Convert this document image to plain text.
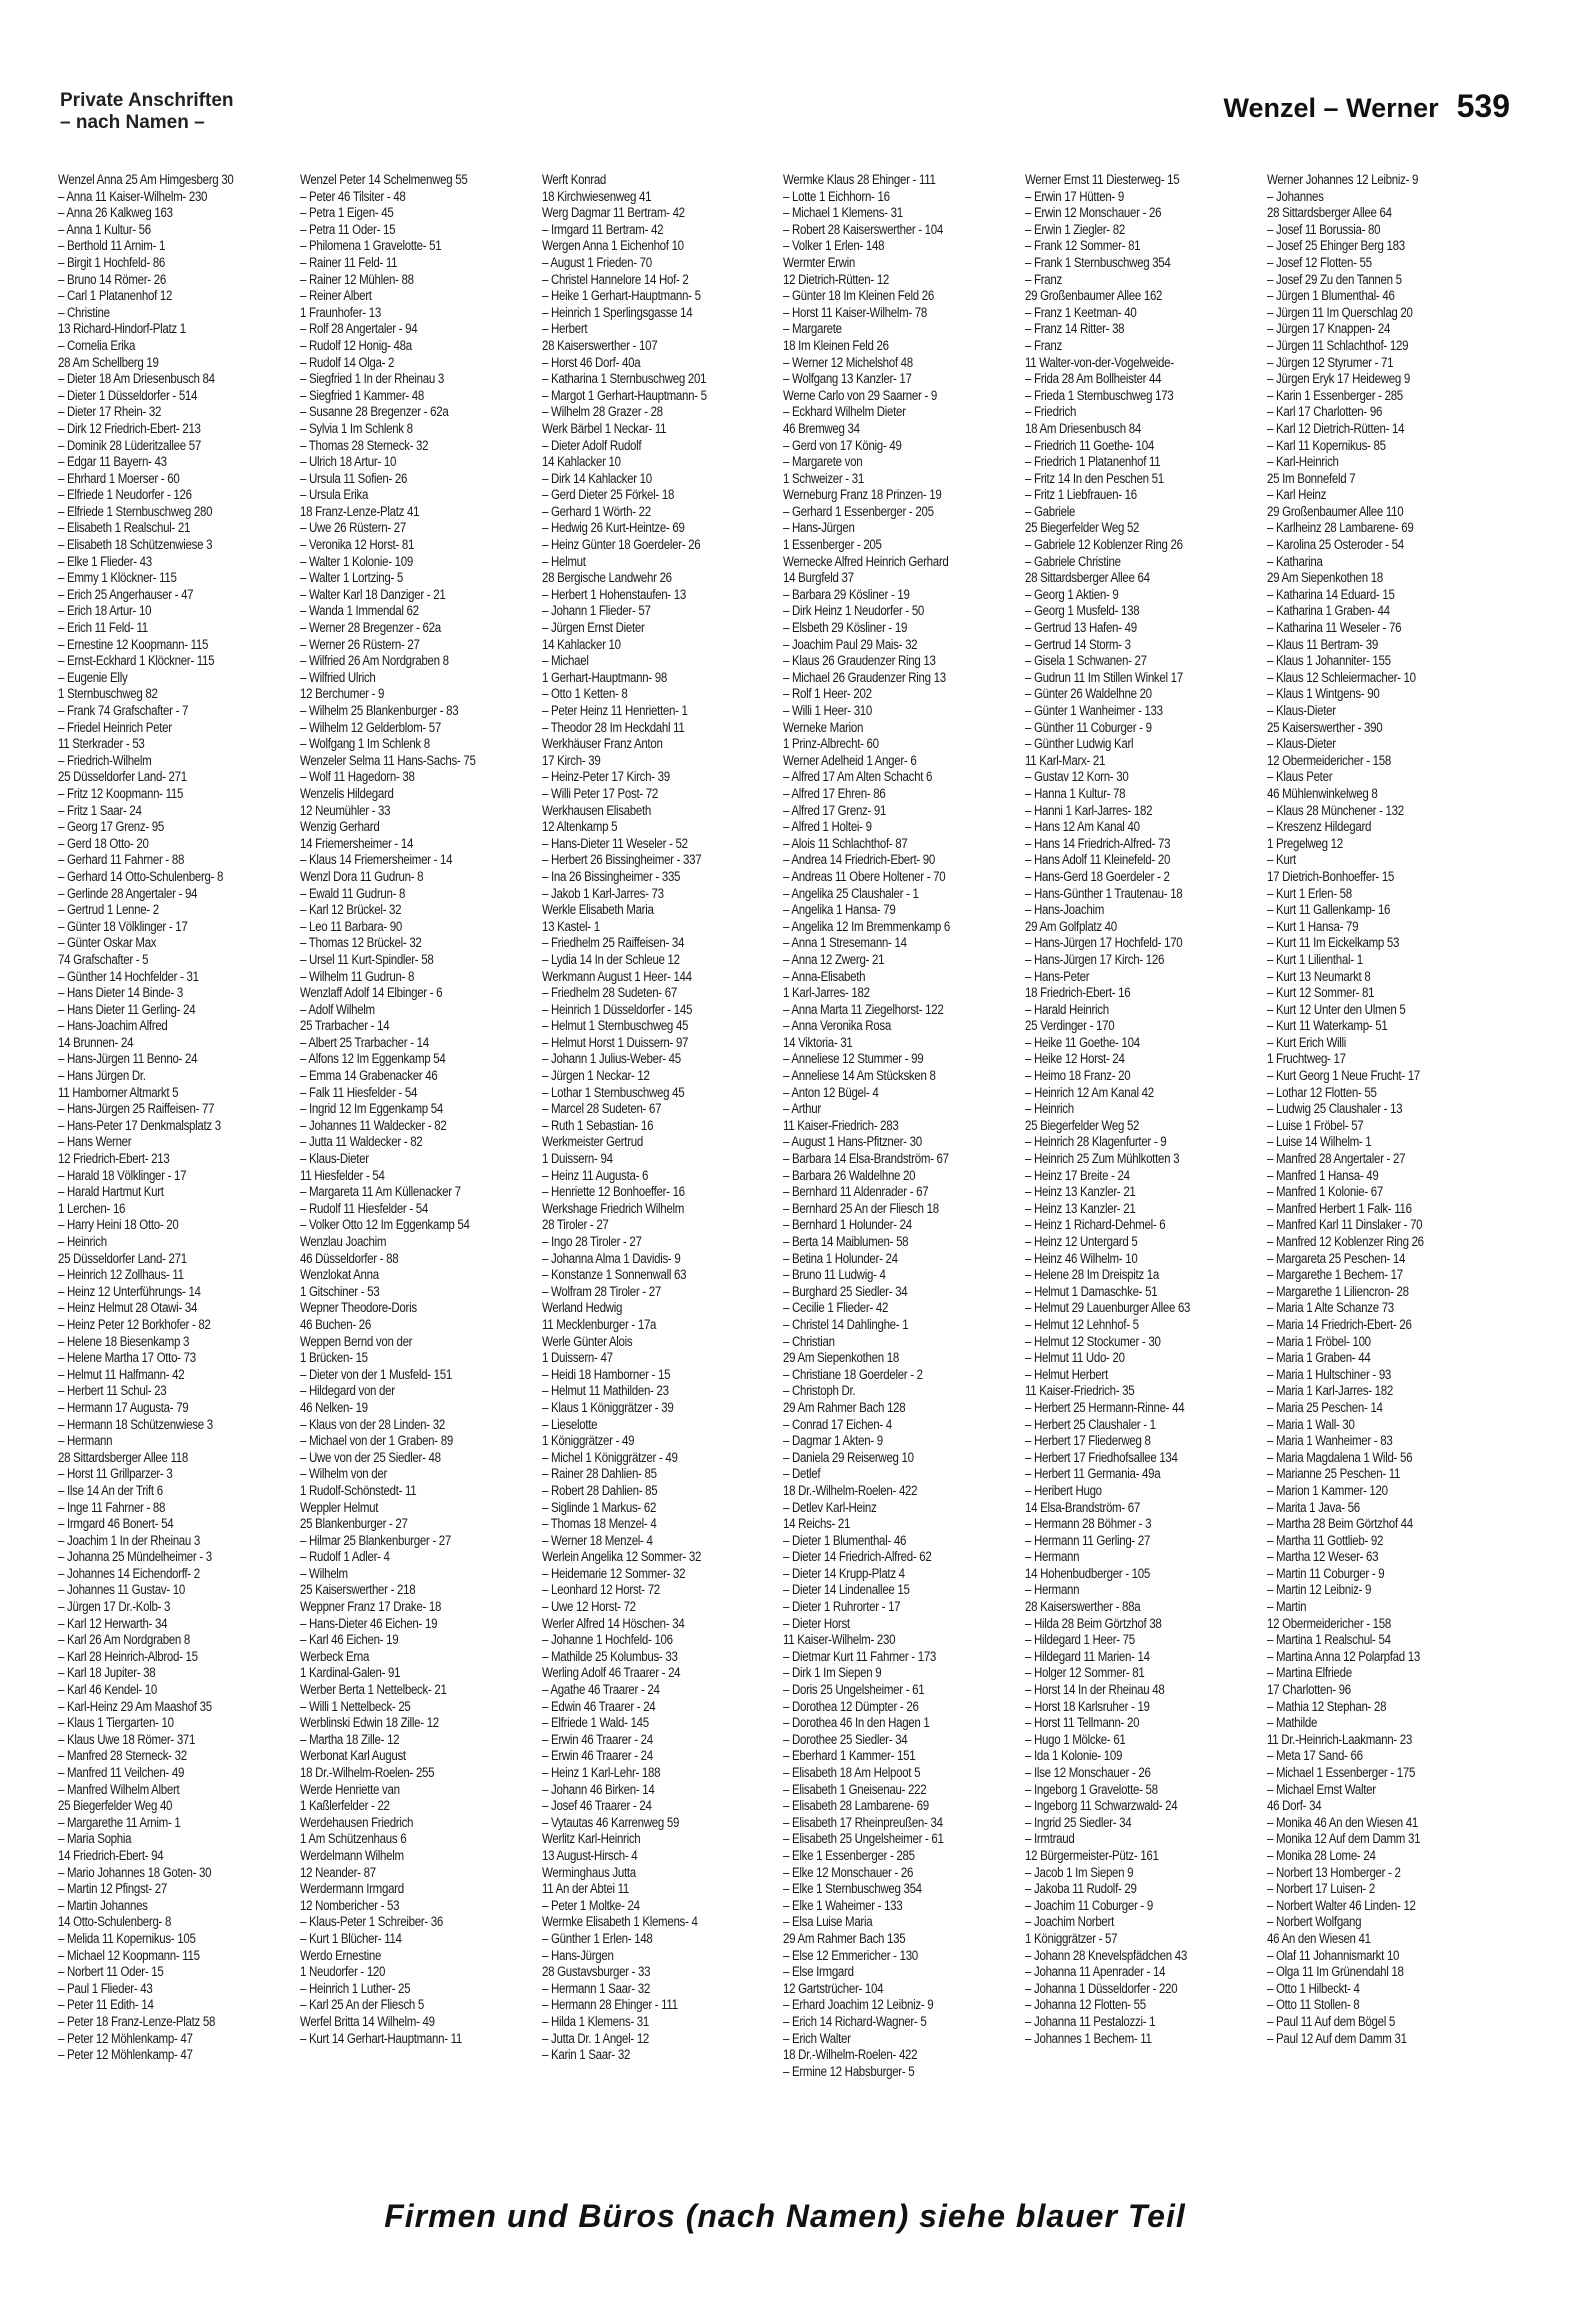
Private Anschriften
– nach Namen –	Wenzel – Werner 539
Wenzel Anna 25 Am Himgesberg 30
– Anna 11 Kaiser-Wilhelm- 230
– Anna 26 Kalkweg 163
– Anna 1 Kultur- 56
– Berthold 11 Arnim- 1
– Birgit 1 Hochfeld- 86
– Bruno 14 Römer- 26
– Carl 1 Platanenhof 12
– Christine
13 Richard-Hindorf-Platz 1
– Cornelia Erika
28 Am Schellberg 19
– Dieter 18 Am Driesenbusch 84
– Dieter 1 Düsseldorfer - 514
– Dieter 17 Rhein- 32
– Dirk 12 Friedrich-Ebert- 213
– Dominik 28 Lüderitzallee 57
– Edgar 11 Bayern- 43
– Ehrhard 1 Moerser - 60
– Elfriede 1 Neudorfer - 126
– Elfriede 1 Sternbuschweg 280
– Elisabeth 1 Realschul- 21
– Elisabeth 18 Schützenwiese 3
– Elke 1 Flieder- 43
– Emmy 1 Klöckner- 115
– Erich 25 Angerhauser - 47
– Erich 18 Artur- 10
– Erich 11 Feld- 11
– Ernestine 12 Koopmann- 115
– Ernst-Eckhard 1 Klöckner- 115
– Eugenie Elly
1 Sternbuschweg 82
– Frank 74 Grafschafter - 7
– Friedel Heinrich Peter
11 Sterkrader - 53
– Friedrich-Wilhelm
25 Düsseldorfer Land- 271
– Fritz 12 Koopmann- 115
– Fritz 1 Saar- 24
– Georg 17 Grenz- 95
– Gerd 18 Otto- 20
– Gerhard 11 Fahrner - 88
– Gerhard 14 Otto-Schulenberg- 8
– Gerlinde 28 Angertaler - 94
– Gertrud 1 Lenne- 2
– Günter 18 Völklinger - 17
– Günter Oskar Max
74 Grafschafter - 5
– Günther 14 Hochfelder - 31
– Hans Dieter 14 Binde- 3
– Hans Dieter 11 Gerling- 24
– Hans-Joachim Alfred
14 Brunnen- 24
– Hans-Jürgen 11 Benno- 24
– Hans Jürgen Dr.
11 Hamborner Altmarkt 5
– Hans-Jürgen 25 Raiffeisen- 77
– Hans-Peter 17 Denkmalsplatz 3
– Hans Werner
12 Friedrich-Ebert- 213
– Harald 18 Völklinger - 17
– Harald Hartmut Kurt
1 Lerchen- 16
– Harry Heini 18 Otto- 20
– Heinrich
25 Düsseldorfer Land- 271
– Heinrich 12 Zollhaus- 11
– Heinz 12 Unterführungs- 14
– Heinz Helmut 28 Otawi- 34
– Heinz Peter 12 Borkhofer - 82
– Helene 18 Biesenkamp 3
– Helene Martha 17 Otto- 73
– Helmut 11 Halfmann- 42
– Herbert 11 Schul- 23
– Hermann 17 Augusta- 79
– Hermann 18 Schützenwiese 3
– Hermann
28 Sittardsberger Allee 118
– Horst 11 Grillparzer- 3
– Ilse 14 An der Trift 6
– Inge 11 Fahrner - 88
– Irmgard 46 Bonert- 54
– Joachim 1 In der Rheinau 3
– Johanna 25 Mündelheimer - 3
– Johannes 14 Eichendorff- 2
– Johannes 11 Gustav- 10
– Jürgen 17 Dr.-Kolb- 3
– Karl 12 Herwarth- 34
– Karl 26 Am Nordgraben 8
– Karl 28 Heinrich-Albrod- 15
– Karl 18 Jupiter- 38
– Karl 46 Kendel- 10
– Karl-Heinz 29 Am Maashof 35
– Klaus 1 Tiergarten- 10
– Klaus Uwe 18 Römer- 371
– Manfred 28 Sterneck- 32
– Manfred 11 Veilchen- 49
– Manfred Wilhelm Albert
25 Biegerfelder Weg 40
– Margarethe 11 Arnim- 1
– Maria Sophia
14 Friedrich-Ebert- 94
– Mario Johannes 18 Goten- 30
– Martin 12 Pfingst- 27
– Martin Johannes
14 Otto-Schulenberg- 8
– Melida 11 Kopernikus- 105
– Michael 12 Koopmann- 115
– Norbert 11 Oder- 15
– Paul 1 Flieder- 43
– Peter 11 Edith- 14
– Peter 18 Franz-Lenze-Platz 58
– Peter 12 Möhlenkamp- 47
– Peter 12 Möhlenkamp- 47
Wenzel Peter 14 Schelmenweg 55
– Peter 46 Tilsiter - 48
– Petra 1 Eigen- 45
– Petra 11 Oder- 15
– Philomena 1 Gravelotte- 51
– Rainer 11 Feld- 11
– Rainer 12 Mühlen- 88
– Reiner Albert
1 Fraunhofer- 13
– Rolf 28 Angertaler - 94
– Rudolf 12 Honig- 48a
– Rudolf 14 Olga- 2
– Siegfried 1 In der Rheinau 3
– Siegfried 1 Kammer- 48
– Susanne 28 Bregenzer - 62a
– Sylvia 1 Im Schlenk 8
– Thomas 28 Sterneck- 32
– Ulrich 18 Artur- 10
– Ursula 11 Sofien- 26
– Ursula Erika
18 Franz-Lenze-Platz 41
– Uwe 26 Rüstern- 27
– Veronika 12 Horst- 81
– Walter 1 Kolonie- 109
– Walter 1 Lortzing- 5
– Walter Karl 18 Danziger - 21
– Wanda 1 Immendal 62
– Werner 28 Bregenzer - 62a
– Werner 26 Rüstern- 27
– Wilfried 26 Am Nordgraben 8
– Wilfried Ulrich
12 Berchumer - 9
– Wilhelm 25 Blankenburger - 83
– Wilhelm 12 Gelderblom- 57
– Wolfgang 1 Im Schlenk 8
Wenzeler Selma 11 Hans-Sachs- 75
– Wolf 11 Hagedorn- 38
Wenzelis Hildegard
12 Neumühler - 33
Wenzig Gerhard
14 Friemersheimer - 14
– Klaus 14 Friemersheimer - 14
Wenzl Dora 11 Gudrun- 8
– Ewald 11 Gudrun- 8
– Karl 12 Brückel- 32
– Leo 11 Barbara- 90
– Thomas 12 Brückel- 32
– Ursel 11 Kurt-Spindler- 58
– Wilhelm 11 Gudrun- 8
Wenzlaff Adolf 14 Elbinger - 6
– Adolf Wilhelm
25 Trarbacher - 14
– Albert 25 Trarbacher - 14
– Alfons 12 Im Eggenkamp 54
– Emma 14 Grabenacker 46
– Falk 11 Hiesfelder - 54
– Ingrid 12 Im Eggenkamp 54
– Johannes 11 Waldecker - 82
– Jutta 11 Waldecker - 82
– Klaus-Dieter
11 Hiesfelder - 54
– Margareta 11 Am Küllenacker 7
– Rudolf 11 Hiesfelder - 54
– Volker Otto 12 Im Eggenkamp 54
Wenzlau Joachim
46 Düsseldorfer - 88
Wenzlokat Anna
1 Gitschiner - 53
Wepner Theodore-Doris
46 Buchen- 26
Weppen Bernd von der
1 Brücken- 15
– Dieter von der 1 Musfeld- 151
– Hildegard von der
46 Nelken- 19
– Klaus von der 28 Linden- 32
– Michael von der 1 Graben- 89
– Uwe von der 25 Siedler- 48
– Wilhelm von der
1 Rudolf-Schönstedt- 11
Weppler Helmut
25 Blankenburger - 27
– Hilmar 25 Blankenburger - 27
– Rudolf 1 Adler- 4
– Wilhelm
25 Kaiserswerther - 218
Weppner Franz 17 Drake- 18
– Hans-Dieter 46 Eichen- 19
– Karl 46 Eichen- 19
Werbeck Erna
1 Kardinal-Galen- 91
Werber Berta 1 Nettelbeck- 21
– Willi 1 Nettelbeck- 25
Werblinski Edwin 18 Zille- 12
– Martha 18 Zille- 12
Werbonat Karl August
18 Dr.-Wilhelm-Roelen- 255
Werde Henriette van
1 Kaßlerfelder - 22
Werdehausen Friedrich
1 Am Schützenhaus 6
Werdelmann Wilhelm
12 Neander- 87
Werdermann Irmgard
12 Nombericher - 53
– Klaus-Peter 1 Schreiber- 36
– Kurt 1 Blücher- 114
Werdo Ernestine
1 Neudorfer - 120
– Heinrich 1 Luther- 25
– Karl 25 An der Fliesch 5
Werfel Britta 14 Wilhelm- 49
– Kurt 14 Gerhart-Hauptmann- 11
Werft Konrad
18 Kirchwiesenweg 41
Werg Dagmar 11 Bertram- 42
– Irmgard 11 Bertram- 42
Wergen Anna 1 Eichenhof 10
– August 1 Frieden- 70
– Christel Hannelore 14 Hof- 2
– Heike 1 Gerhart-Hauptmann- 5
– Heinrich 1 Sperlingsgasse 14
– Herbert
28 Kaiserswerther - 107
– Horst 46 Dorf- 40a
– Katharina 1 Sternbuschweg 201
– Margot 1 Gerhart-Hauptmann- 5
– Wilhelm 28 Grazer - 28
Werk Bärbel 1 Neckar- 11
– Dieter Adolf Rudolf
14 Kahlacker 10
– Dirk 14 Kahlacker 10
– Gerd Dieter 25 Förkel- 18
– Gerhard 1 Wörth- 22
– Hedwig 26 Kurt-Heintze- 69
– Heinz Günter 18 Goerdeler- 26
– Helmut
28 Bergische Landwehr 26
– Herbert 1 Hohenstaufen- 13
– Johann 1 Flieder- 57
– Jürgen Ernst Dieter
14 Kahlacker 10
– Michael
1 Gerhart-Hauptmann- 98
– Otto 1 Ketten- 8
– Peter Heinz 11 Henrietten- 1
– Theodor 28 Im Heckdahl 11
Werkhäuser Franz Anton
17 Kirch- 39
– Heinz-Peter 17 Kirch- 39
– Willi Peter 17 Post- 72
Werkhausen Elisabeth
12 Altenkamp 5
– Hans-Dieter 11 Weseler - 52
– Herbert 26 Bissingheimer - 337
– Ina 26 Bissingheimer - 335
– Jakob 1 Karl-Jarres- 73
Werkle Elisabeth Maria
13 Kastel- 1
– Friedhelm 25 Raiffeisen- 34
– Lydia 14 In der Schleue 12
Werkmann August 1 Heer- 144
– Friedhelm 28 Sudeten- 67
– Heinrich 1 Düsseldorfer - 145
– Helmut 1 Sternbuschweg 45
– Helmut Horst 1 Duissern- 97
– Johann 1 Julius-Weber- 45
– Jürgen 1 Neckar- 12
– Lothar 1 Sternbuschweg 45
– Marcel 28 Sudeten- 67
– Ruth 1 Sebastian- 16
Werkmeister Gertrud
1 Duissern- 94
– Heinz 11 Augusta- 6
– Henriette 12 Bonhoeffer- 16
Werkshage Friedrich Wilhelm
28 Tiroler - 27
– Ingo 28 Tiroler - 27
– Johanna Alma 1 Davidis- 9
– Konstanze 1 Sonnenwall 63
– Wolfram 28 Tiroler - 27
Werland Hedwig
11 Mecklenburger - 17a
Werle Günter Alois
1 Duissern- 47
– Heidi 18 Hamborner - 15
– Helmut 11 Mathilden- 23
– Klaus 1 Königgrätzer - 39
– Lieselotte
1 Königgrätzer - 49
– Michel 1 Königgrätzer - 49
– Rainer 28 Dahlien- 85
– Robert 28 Dahlien- 85
– Siglinde 1 Markus- 62
– Thomas 18 Menzel- 4
– Werner 18 Menzel- 4
Werlein Angelika 12 Sommer- 32
– Heidemarie 12 Sommer- 32
– Leonhard 12 Horst- 72
– Uwe 12 Horst- 72
Werler Alfred 14 Höschen- 34
– Johanne 1 Hochfeld- 106
– Mathilde 25 Kolumbus- 33
Werling Adolf 46 Traarer - 24
– Agathe 46 Traarer - 24
– Edwin 46 Traarer - 24
– Elfriede 1 Wald- 145
– Erwin 46 Traarer - 24
– Erwin 46 Traarer - 24
– Heinz 1 Karl-Lehr- 188
– Johann 46 Birken- 14
– Josef 46 Traarer - 24
– Vytautas 46 Karrenweg 59
Werlitz Karl-Heinrich
13 August-Hirsch- 4
Werminghaus Jutta
11 An der Abtei 11
– Peter 1 Moltke- 24
Wermke Elisabeth 1 Klemens- 4
– Günther 1 Erlen- 148
– Hans-Jürgen
28 Gustavsburger - 33
– Hermann 1 Saar- 32
– Hermann 28 Ehinger - 111
– Hilda 1 Klemens- 31
– Jutta Dr. 1 Angel- 12
– Karin 1 Saar- 32
Wermke Klaus 28 Ehinger - 111
– Lotte 1 Eichhorn- 16
– Michael 1 Klemens- 31
– Robert 28 Kaiserswerther - 104
– Volker 1 Erlen- 148
Wermter Erwin
12 Dietrich-Rütten- 12
– Günter 18 Im Kleinen Feld 26
– Horst 11 Kaiser-Wilhelm- 78
– Margarete
18 Im Kleinen Feld 26
– Werner 12 Michelshof 48
– Wolfgang 13 Kanzler- 17
Werne Carlo von 29 Saarner - 9
– Eckhard Wilhelm Dieter
46 Bremweg 34
– Gerd von 17 König- 49
– Margarete von
1 Schweizer - 31
Werneburg Franz 18 Prinzen- 19
– Gerhard 1 Essenberger - 205
– Hans-Jürgen
1 Essenberger - 205
Wernecke Alfred Heinrich Gerhard
14 Burgfeld 37
– Barbara 29 Kösliner - 19
– Dirk Heinz 1 Neudorfer - 50
– Elsbeth 29 Kösliner - 19
– Joachim Paul 29 Mais- 32
– Klaus 26 Graudenzer Ring 13
– Michael 26 Graudenzer Ring 13
– Rolf 1 Heer- 202
– Willi 1 Heer- 310
Werneke Marion
1 Prinz-Albrecht- 60
Werner Adelheid 1 Anger- 6
– Alfred 17 Am Alten Schacht 6
– Alfred 17 Ehren- 86
– Alfred 17 Grenz- 91
– Alfred 1 Holtei- 9
– Alois 11 Schlachthof- 87
– Andrea 14 Friedrich-Ebert- 90
– Andreas 11 Obere Holtener - 70
– Angelika 25 Claushaler - 1
– Angelika 1 Hansa- 79
– Angelika 12 Im Bremmenkamp 6
– Anna 1 Stresemann- 14
– Anna 12 Zwerg- 21
– Anna-Elisabeth
1 Karl-Jarres- 182
– Anna Marta 11 Ziegelhorst- 122
– Anna Veronika Rosa
14 Viktoria- 31
– Anneliese 12 Stummer - 99
– Anneliese 14 Am Stücksken 8
– Anton 12 Bügel- 4
– Arthur
11 Kaiser-Friedrich- 283
– August 1 Hans-Pfitzner- 30
– Barbara 14 Elsa-Brandström- 67
– Barbara 26 Waldelhne 20
– Bernhard 11 Aldenrader - 67
– Bernhard 25 An der Fliesch 18
– Bernhard 1 Holunder- 24
– Berta 14 Maiblumen- 58
– Betina 1 Holunder- 24
– Bruno 11 Ludwig- 4
– Burghard 25 Siedler- 34
– Cecilie 1 Flieder- 42
– Christel 14 Dahlinghe- 1
– Christian
29 Am Siepenkothen 18
– Christiane 18 Goerdeler - 2
– Christoph Dr.
29 Am Rahmer Bach 128
– Conrad 17 Eichen- 4
– Dagmar 1 Akten- 9
– Daniela 29 Reiserweg 10
– Detlef
18 Dr.-Wilhelm-Roelen- 422
– Detlev Karl-Heinz
14 Reichs- 21
– Dieter 1 Blumenthal- 46
– Dieter 14 Friedrich-Alfred- 62
– Dieter 14 Krupp-Platz 4
– Dieter 14 Lindenallee 15
– Dieter 1 Ruhrorter - 17
– Dieter Horst
11 Kaiser-Wilhelm- 230
– Dietmar Kurt 11 Fahrner - 173
– Dirk 1 Im Siepen 9
– Doris 25 Ungelsheimer - 61
– Dorothea 12 Dümpter - 26
– Dorothea 46 In den Hagen 1
– Dorothee 25 Siedler- 34
– Eberhard 1 Kammer- 151
– Elisabeth 18 Am Helpoot 5
– Elisabeth 1 Gneisenau- 222
– Elisabeth 28 Lambarene- 69
– Elisabeth 17 Rheinpreußen- 34
– Elisabeth 25 Ungelsheimer - 61
– Elke 1 Essenberger - 285
– Elke 12 Monschauer - 26
– Elke 1 Sternbuschweg 354
– Elke 1 Waheimer - 133
– Elsa Luise Maria
29 Am Rahmer Bach 135
– Else 12 Emmericher - 130
– Else Irmgard
12 Gartstrücher- 104
– Erhard Joachim 12 Leibniz- 9
– Erich 14 Richard-Wagner- 5
– Erich Walter
18 Dr.-Wilhelm-Roelen- 422
– Ermine 12 Habsburger- 5
Werner Ernst 11 Diesterweg- 15
– Erwin 17 Hütten- 9
– Erwin 12 Monschauer - 26
– Erwin 1 Ziegler- 82
– Frank 12 Sommer- 81
– Frank 1 Sternbuschweg 354
– Franz
29 Großenbaumer Allee 162
– Franz 1 Keetman- 40
– Franz 14 Ritter- 38
– Franz
11 Walter-von-der-Vogelweide-
– Frida 28 Am Bollheister 44
– Frieda 1 Sternbuschweg 173
– Friedrich
18 Am Driesenbusch 84
– Friedrich 11 Goethe- 104
– Friedrich 1 Platanenhof 11
– Fritz 14 In den Peschen 51
– Fritz 1 Liebfrauen- 16
– Gabriele
25 Biegerfelder Weg 52
– Gabriele 12 Koblenzer Ring 26
– Gabriele Christine
28 Sittardsberger Allee 64
– Georg 1 Aktien- 9
– Georg 1 Musfeld- 138
– Gertrud 13 Hafen- 49
– Gertrud 14 Storm- 3
– Gisela 1 Schwanen- 27
– Gudrun 11 Im Stillen Winkel 17
– Günter 26 Waldelhne 20
– Günter 1 Wanheimer - 133
– Günther 11 Coburger - 9
– Günther Ludwig Karl
11 Karl-Marx- 21
– Gustav 12 Korn- 30
– Hanna 1 Kultur- 78
– Hanni 1 Karl-Jarres- 182
– Hans 12 Am Kanal 40
– Hans 14 Friedrich-Alfred- 73
– Hans Adolf 11 Kleinefeld- 20
– Hans-Gerd 18 Goerdeler - 2
– Hans-Günther 1 Trautenau- 18
– Hans-Joachim
29 Am Golfplatz 40
– Hans-Jürgen 17 Hochfeld- 170
– Hans-Jürgen 17 Kirch- 126
– Hans-Peter
18 Friedrich-Ebert- 16
– Harald Heinrich
25 Verdinger - 170
– Heike 11 Goethe- 104
– Heike 12 Horst- 24
– Heimo 18 Franz- 20
– Heinrich 12 Am Kanal 42
– Heinrich
25 Biegerfelder Weg 52
– Heinrich 28 Klagenfurter - 9
– Heinrich 25 Zum Mühlkotten 3
– Heinz 17 Breite - 24
– Heinz 13 Kanzler- 21
– Heinz 13 Kanzler- 21
– Heinz 1 Richard-Dehmel- 6
– Heinz 12 Untergard 5
– Heinz 46 Wilhelm- 10
– Helene 28 Im Dreispitz 1a
– Helmut 1 Damaschke- 51
– Helmut 29 Lauenburger Allee 63
– Helmut 12 Lehnhof- 5
– Helmut 12 Stockumer - 30
– Helmut 11 Udo- 20
– Helmut Herbert
11 Kaiser-Friedrich- 35
– Herbert 25 Hermann-Rinne- 44
– Herbert 25 Claushaler - 1
– Herbert 17 Fliederweg 8
– Herbert 17 Friedhofsallee 134
– Herbert 11 Germania- 49a
– Heribert Hugo
14 Elsa-Brandström- 67
– Hermann 28 Böhmer - 3
– Hermann 11 Gerling- 27
– Hermann
14 Hohenbudberger - 105
– Hermann
28 Kaiserswerther - 88a
– Hilda 28 Beim Görtzhof 38
– Hildegard 1 Heer- 75
– Hildegard 11 Marien- 14
– Holger 12 Sommer- 81
– Horst 14 In der Rheinau 48
– Horst 18 Karlsruher - 19
– Horst 11 Tellmann- 20
– Hugo 1 Mölcke- 61
– Ida 1 Kolonie- 109
– Ilse 12 Monschauer - 26
– Ingeborg 1 Gravelotte- 58
– Ingeborg 11 Schwarzwald- 24
– Ingrid 25 Siedler- 34
– Irmtraud
12 Bürgermeister-Pütz- 161
– Jacob 1 Im Siepen 9
– Jakoba 11 Rudolf- 29
– Joachim 11 Coburger - 9
– Joachim Norbert
1 Königgrätzer - 57
– Johann 28 Knevelspfädchen 43
– Johanna 11 Apenrader - 14
– Johanna 1 Düsseldorfer - 220
– Johanna 12 Flotten- 55
– Johanna 11 Pestalozzi- 1
– Johannes 1 Bechem- 11
Werner Johannes 12 Leibniz- 9
– Johannes
28 Sittardsberger Allee 64
– Josef 11 Borussia- 80
– Josef 25 Ehinger Berg 183
– Josef 12 Flotten- 55
– Josef 29 Zu den Tannen 5
– Jürgen 1 Blumenthal- 46
– Jürgen 11 Im Querschlag 20
– Jürgen 17 Knappen- 24
– Jürgen 11 Schlachthof- 129
– Jürgen 12 Styrumer - 71
– Jürgen Eryk 17 Heideweg 9
– Karin 1 Essenberger - 285
– Karl 17 Charlotten- 96
– Karl 12 Dietrich-Rütten- 14
– Karl 11 Kopernikus- 85
– Karl-Heinrich
25 Im Bonnefeld 7
– Karl Heinz
29 Großenbaumer Allee 110
– Karlheinz 28 Lambarene- 69
– Karolina 25 Osteroder - 54
– Katharina
29 Am Siepenkothen 18
– Katharina 14 Eduard- 15
– Katharina 1 Graben- 44
– Katharina 11 Weseler - 76
– Klaus 11 Bertram- 39
– Klaus 1 Johanniter- 155
– Klaus 12 Schleiermacher- 10
– Klaus 1 Wintgens- 90
– Klaus-Dieter
25 Kaiserswerther - 390
– Klaus-Dieter
12 Obermeidericher - 158
– Klaus Peter
46 Mühlenwinkelweg 8
– Klaus 28 Münchener - 132
– Kreszenz Hildegard
1 Pregelweg 12
– Kurt
17 Dietrich-Bonhoeffer- 15
– Kurt 1 Erlen- 58
– Kurt 11 Gallenkamp- 16
– Kurt 1 Hansa- 79
– Kurt 11 Im Eickelkamp 53
– Kurt 1 Lilienthal- 1
– Kurt 13 Neumarkt 8
– Kurt 12 Sommer- 81
– Kurt 12 Unter den Ulmen 5
– Kurt 11 Waterkamp- 51
– Kurt Erich Willi
1 Fruchtweg- 17
– Kurt Georg 1 Neue Frucht- 17
– Lothar 12 Flotten- 55
– Ludwig 25 Claushaler - 13
– Luise 1 Fröbel- 57
– Luise 14 Wilhelm- 1
– Manfred 28 Angertaler - 27
– Manfred 1 Hansa- 49
– Manfred 1 Kolonie- 67
– Manfred Herbert 1 Falk- 116
– Manfred Karl 11 Dinslaker - 70
– Manfred 12 Koblenzer Ring 26
– Margareta 25 Peschen- 14
– Margarethe 1 Bechem- 17
– Margarethe 1 Liliencron- 28
– Maria 1 Alte Schanze 73
– Maria 14 Friedrich-Ebert- 26
– Maria 1 Fröbel- 100
– Maria 1 Graben- 44
– Maria 1 Hultschiner - 93
– Maria 1 Karl-Jarres- 182
– Maria 25 Peschen- 14
– Maria 1 Wall- 30
– Maria 1 Wanheimer - 83
– Maria Magdalena 1 Wild- 56
– Marianne 25 Peschen- 11
– Marion 1 Kammer- 120
– Marita 1 Java- 56
– Martha 28 Beim Görtzhof 44
– Martha 11 Gottlieb- 92
– Martha 12 Weser- 63
– Martin 11 Coburger - 9
– Martin 12 Leibniz- 9
– Martin
12 Obermeidericher - 158
– Martina 1 Realschul- 54
– Martina Anna 12 Polarpfad 13
– Martina Elfriede
17 Charlotten- 96
– Mathia 12 Stephan- 28
– Mathilde
11 Dr.-Heinrich-Laakmann- 23
– Meta 17 Sand- 66
– Michael 1 Essenberger - 175
– Michael Ernst Walter
46 Dorf- 34
– Monika 46 An den Wiesen 41
– Monika 12 Auf dem Damm 31
– Monika 28 Lome- 24
– Norbert 13 Homberger - 2
– Norbert 17 Luisen- 2
– Norbert Walter 46 Linden- 12
– Norbert Wolfgang
46 An den Wiesen 41
– Olaf 11 Johannismarkt 10
– Olga 11 Im Grünendahl 18
– Otto 1 Hilbeckt- 4
– Otto 11 Stollen- 8
– Paul 11 Auf dem Bögel 5
– Paul 12 Auf dem Damm 31
Firmen und Büros (nach Namen) siehe blauer Teil
